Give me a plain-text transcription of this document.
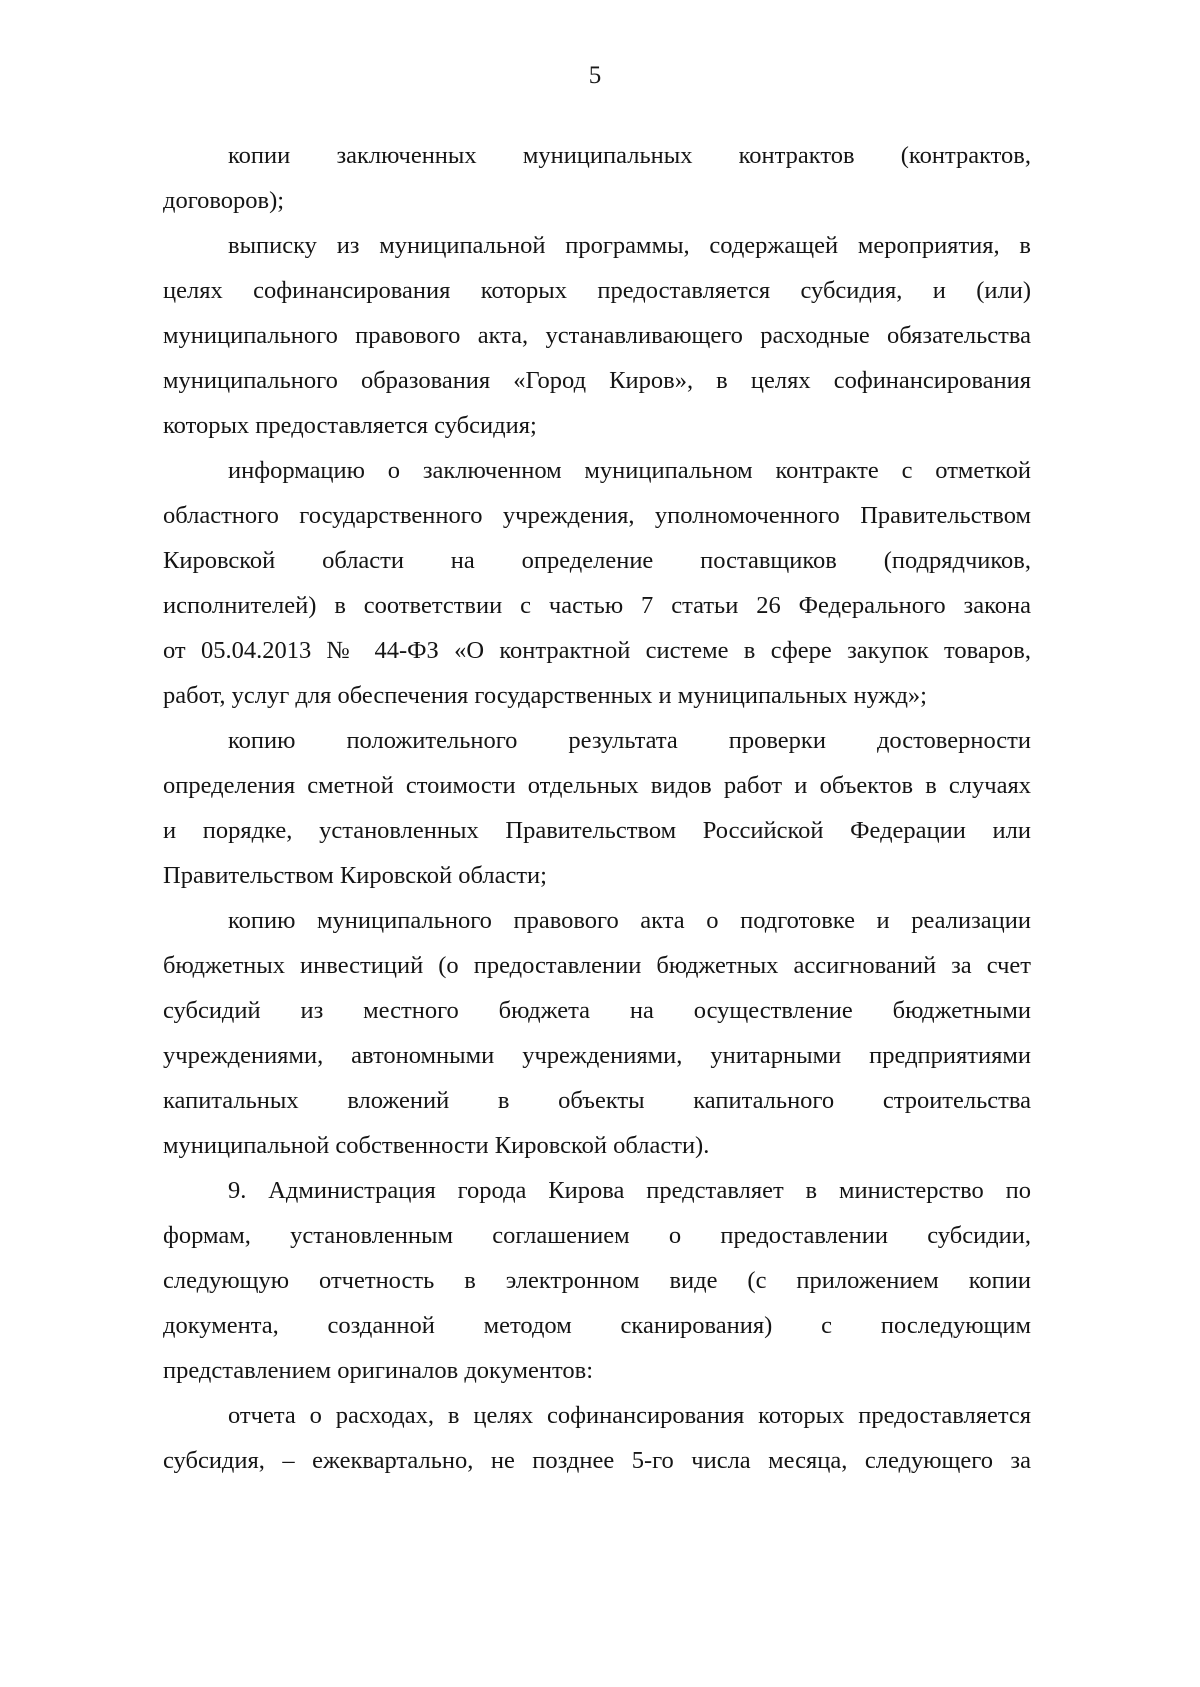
5
копии заключенных муниципальных контрактов (контрактов,
договоров);
выписку из муниципальной программы, содержащей мероприятия, в
целях софинансирования которых предоставляется субсидия, и (или)
муниципального правового акта, устанавливающего расходные обязательства
муниципального образования «Город Киров», в целях софинансирования
которых предоставляется субсидия;
информацию о заключенном муниципальном контракте с отметкой
областного государственного учреждения, уполномоченного Правительством
Кировской области на определение поставщиков (подрядчиков,
исполнителей) в соответствии с частью 7 статьи 26 Федерального закона
от 05.04.2013 № 44-ФЗ «О контрактной системе в сфере закупок товаров,
работ, услуг для обеспечения государственных и муниципальных нужд»;
копию положительного результата проверки достоверности
определения сметной стоимости отдельных видов работ и объектов в случаях
и порядке, установленных Правительством Российской Федерации или
Правительством Кировской области;
копию муниципального правового акта о подготовке и реализации
бюджетных инвестиций (о предоставлении бюджетных ассигнований за счет
субсидий из местного бюджета на осуществление бюджетными
учреждениями, автономными учреждениями, унитарными предприятиями
капитальных вложений в объекты капитального строительства
муниципальной собственности Кировской области).
9. Администрация города Кирова представляет в министерство по
формам, установленным соглашением о предоставлении субсидии,
следующую отчетность в электронном виде (с приложением копии
документа, созданной методом сканирования) с последующим
представлением оригиналов документов:
отчета о расходах, в целях софинансирования которых предоставляется
субсидия, – ежеквартально, не позднее 5-го числа месяца, следующего за
